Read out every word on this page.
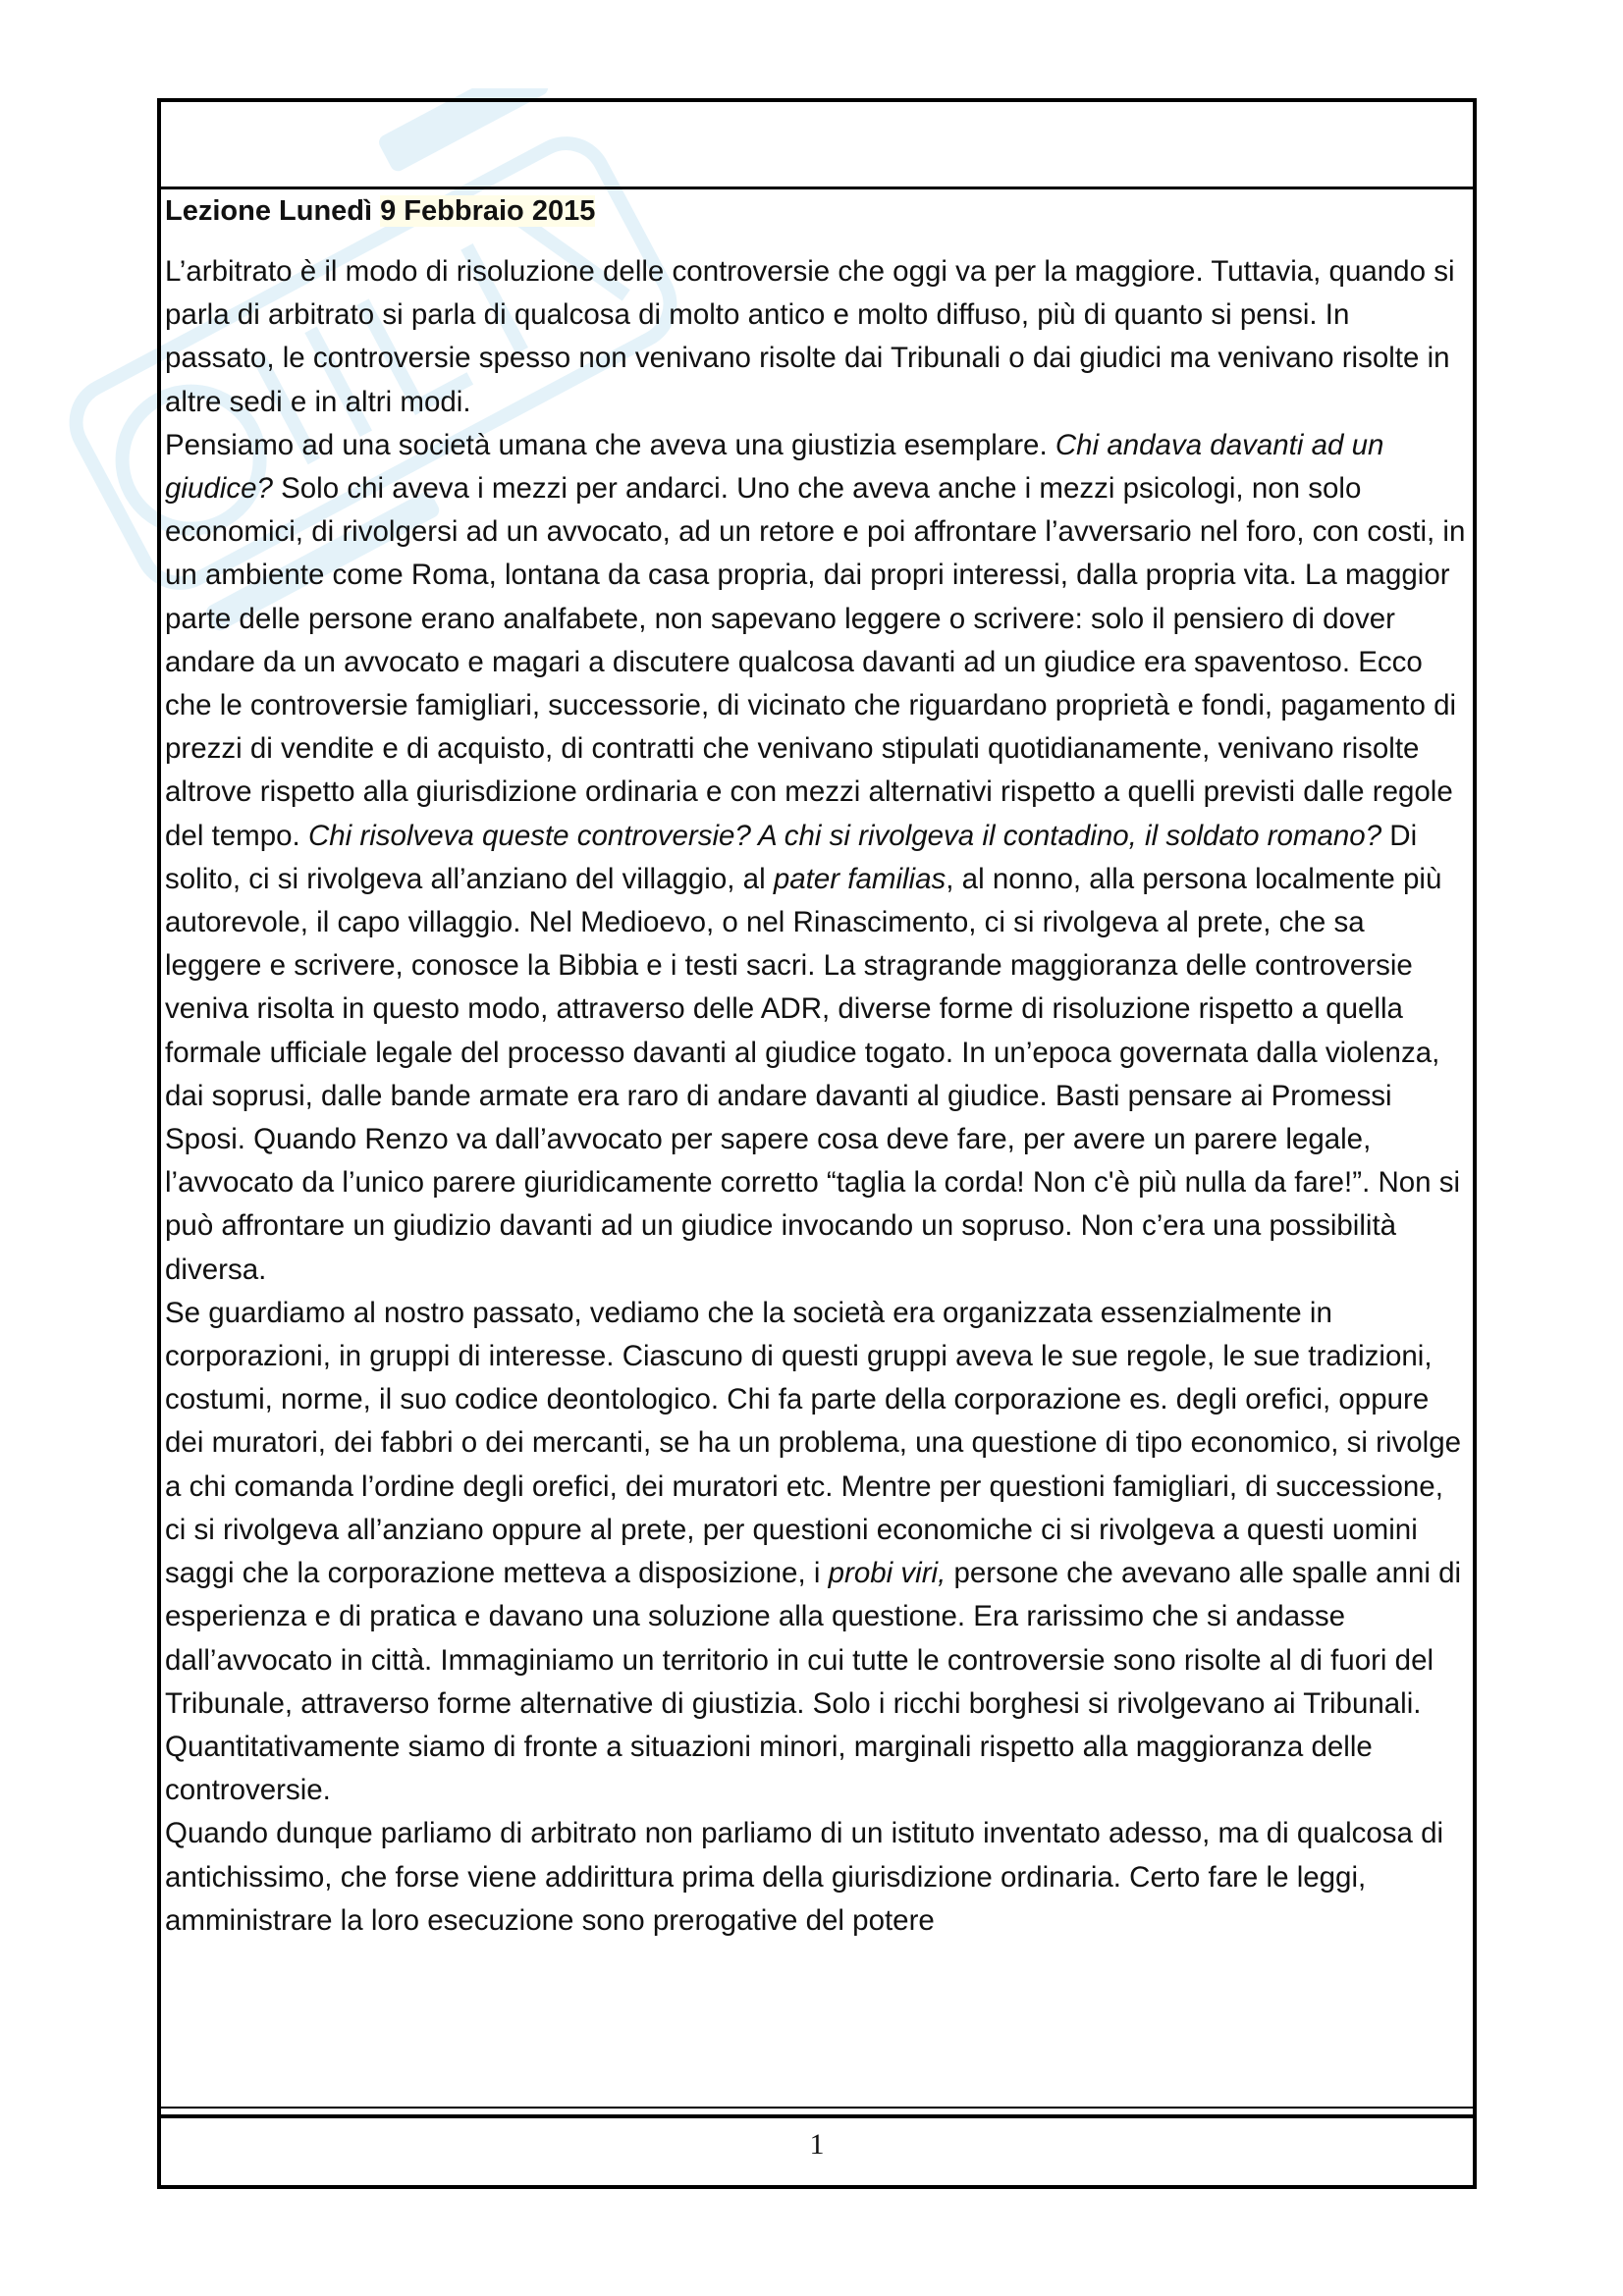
Lezione Lunedì 9 Febbraio 2015

L’arbitrato è il modo di risoluzione delle controversie che oggi va per la maggiore. Tuttavia, quando si parla di arbitrato si parla di qualcosa di molto antico e molto diffuso, più di quanto si pensi. In passato, le controversie spesso non venivano risolte dai Tribunali o dai giudici ma venivano risolte in altre sedi e in altri modi.

Pensiamo ad una società umana che aveva una giustizia esemplare. Chi andava davanti ad un giudice? Solo chi aveva i mezzi per andarci. Uno che aveva anche i mezzi psicologi, non solo economici, di rivolgersi ad un avvocato, ad un retore e poi affrontare l’avversario nel foro, con costi, in un ambiente come Roma, lontana da casa propria, dai propri interessi, dalla propria vita. La maggior parte delle persone erano analfabete, non sapevano leggere o scrivere: solo il pensiero di dover andare da un avvocato e magari a discutere qualcosa davanti ad un giudice era spaventoso. Ecco che le controversie famigliari, successorie, di vicinato che riguardano proprietà e fondi, pagamento di prezzi di vendite e di acquisto, di contratti che venivano stipulati quotidianamente, venivano risolte altrove rispetto alla giurisdizione ordinaria e con mezzi alternativi rispetto a quelli previsti dalle regole del tempo. Chi risolveva queste controversie? A chi si rivolgeva il contadino, il soldato romano? Di solito, ci si rivolgeva all’anziano del villaggio, al pater familias, al nonno, alla persona localmente più autorevole, il capo villaggio. Nel Medioevo, o nel Rinascimento, ci si rivolgeva al prete, che sa leggere e scrivere, conosce la Bibbia e i testi sacri. La stragrande maggioranza delle controversie veniva risolta in questo modo, attraverso delle ADR, diverse forme di risoluzione rispetto a quella formale ufficiale legale del processo davanti al giudice togato. In un’epoca governata dalla violenza, dai soprusi, dalle bande armate era raro di andare davanti al giudice. Basti pensare ai Promessi Sposi. Quando Renzo va dall’avvocato per sapere cosa deve fare, per avere un parere legale, l’avvocato da l’unico parere giuridicamente corretto “taglia la corda! Non c'è più nulla da fare!”. Non si può affrontare un giudizio davanti ad un giudice invocando un sopruso. Non c’era una possibilità diversa.

Se guardiamo al nostro passato, vediamo che la società era organizzata essenzialmente in corporazioni, in gruppi di interesse. Ciascuno di questi gruppi aveva le sue regole, le sue tradizioni, costumi, norme, il suo codice deontologico. Chi fa parte della corporazione es. degli orefici, oppure dei muratori, dei fabbri o dei mercanti, se ha un problema, una questione di tipo economico, si rivolge a chi comanda l’ordine degli orefici, dei muratori etc. Mentre per questioni famigliari, di successione, ci si rivolgeva all’anziano oppure al prete, per questioni economiche ci si rivolgeva a questi uomini saggi che la corporazione metteva a disposizione, i probi viri, persone che avevano alle spalle anni di esperienza e di pratica e davano una soluzione alla questione. Era rarissimo che si andasse dall’avvocato in città. Immaginiamo un territorio in cui tutte le controversie sono risolte al di fuori del Tribunale, attraverso forme alternative di giustizia. Solo i ricchi borghesi si rivolgevano ai Tribunali. Quantitativamente siamo di fronte a situazioni minori, marginali rispetto alla maggioranza delle controversie.

Quando dunque parliamo di arbitrato non parliamo di un istituto inventato adesso, ma di qualcosa di antichissimo, che forse viene addirittura prima della giurisdizione ordinaria. Certo fare le leggi, amministrare la loro esecuzione sono prerogative del potere

1
